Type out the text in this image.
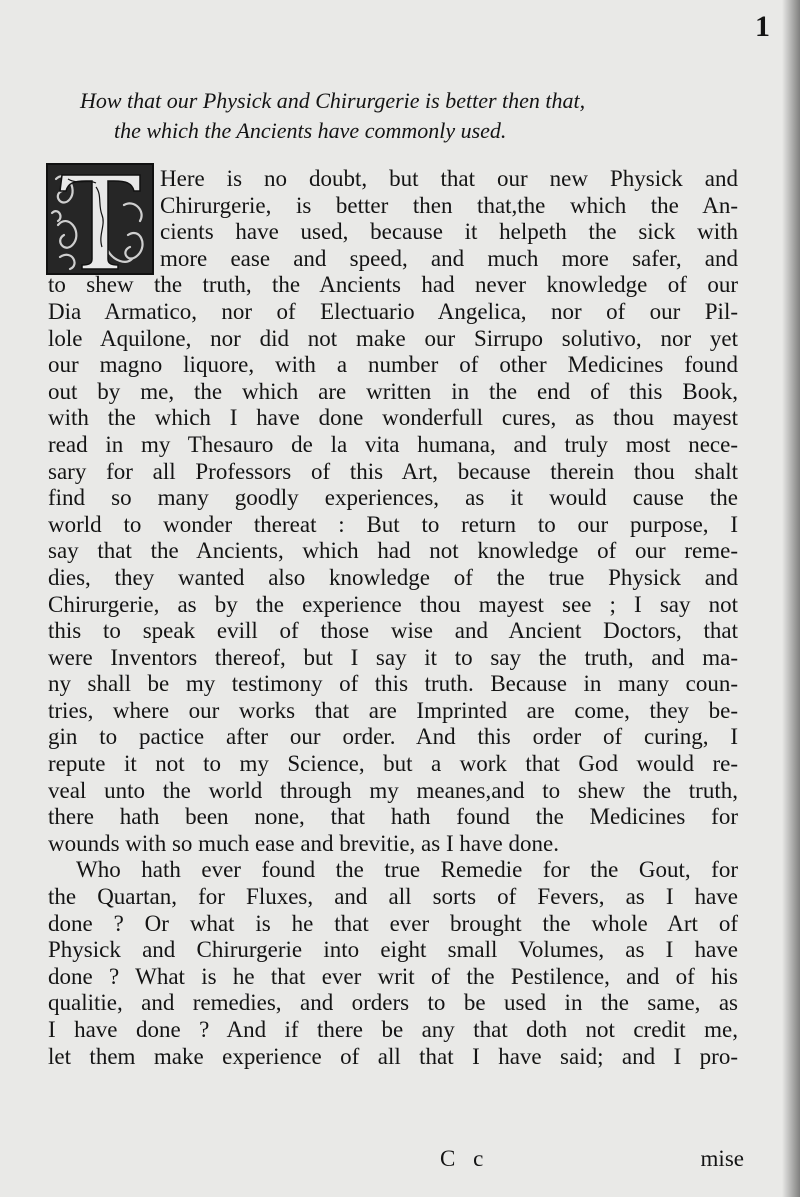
1
How that our Physick and Chirurgerie is better then that,
the which the Ancients have commonly used.
Here is no doubt, but that our new Physick and
Chirurgerie, is better then that,the which the An-
cients have used, because it helpeth the sick with
more ease and speed, and much more safer, and
to shew the truth, the Ancients had never knowledge of our
Dia Armatico, nor of Electuario Angelica, nor of our Pil-
lole Aquilone, nor did not make our Sirrupo solutivo, nor yet
our magno liquore, with a number of other Medicines found
out by me, the which are written in the end of this Book,
with the which I have done wonderfull cures, as thou mayest
read in my Thesauro de la vita humana, and truly most nece-
sary for all Professors of this Art, because therein thou shalt
find so many goodly experiences, as it would cause the
world to wonder thereat : But to return to our purpose, I
say that the Ancients, which had not knowledge of our reme-
dies, they wanted also knowledge of the true Physick and
Chirurgerie, as by the experience thou mayest see ; I say not
this to speak evill of those wise and Ancient Doctors, that
were Inventors thereof, but I say it to say the truth, and ma-
ny shall be my testimony of this truth. Because in many coun-
tries, where our works that are Imprinted are come, they be-
gin to pactice after our order. And this order of curing, I
repute it not to my Science, but a work that God would re-
veal unto the world through my meanes,and to shew the truth,
there hath been none, that hath found the Medicines for
wounds with so much ease and brevitie, as I have done.
Who hath ever found the true Remedie for the Gout, for
the Quartan, for Fluxes, and all sorts of Fevers, as I have
done ? Or what is he that ever brought the whole Art of
Physick and Chirurgerie into eight small Volumes, as I have
done ? What is he that ever writ of the Pestilence, and of his
qualitie, and remedies, and orders to be used in the same, as
I have done ? And if there be any that doth not credit me,
let them make experience of all that I have said; and I pro-
C c	mise
